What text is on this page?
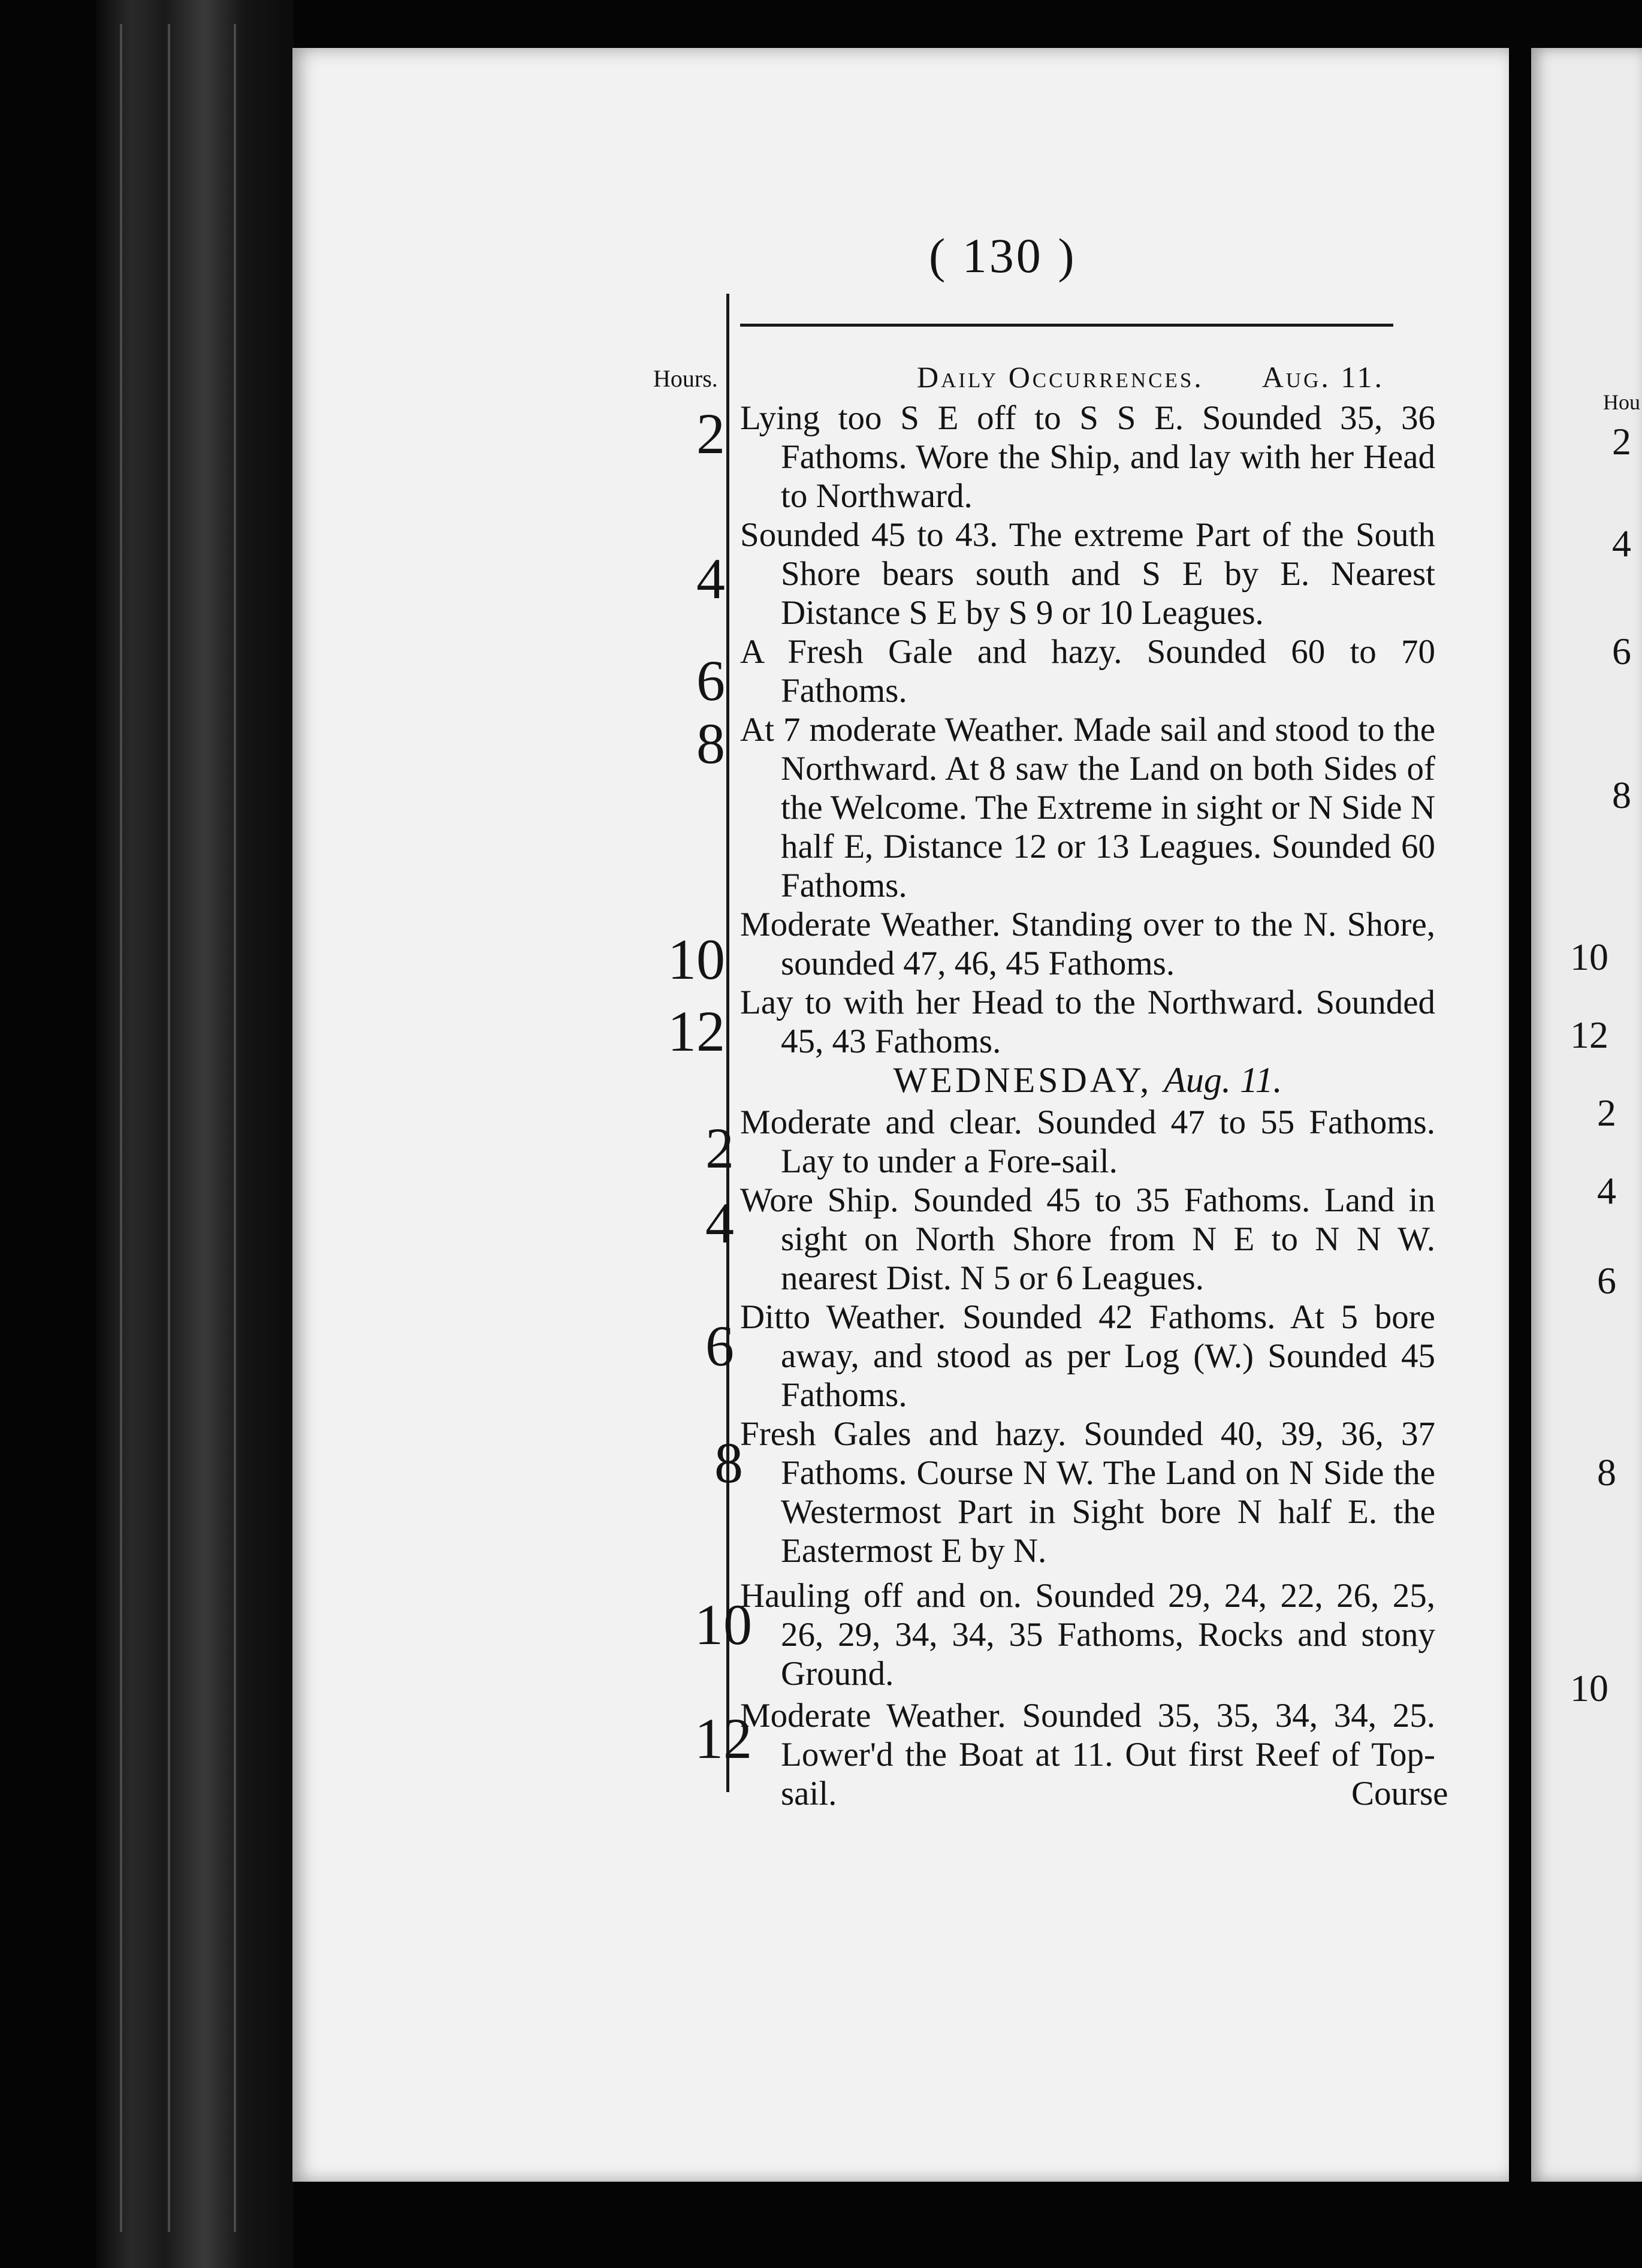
Hou
2
4
6
8
10
12
2
4
6
8
10
( 130 )
Hours.	Daily Occurrences. Aug. 11.
2 Lying too S E off to S S E. Sounded 35, 36 Fathoms. Wore the Ship, and lay with her Head to Northward.
4
Sounded 45 to 43. The extreme Part of the South Shore bears south and S E by E. Nearest Distance S E by S 9 or 10 Leagues.
6 A Fresh Gale and hazy. Sounded 60 to 70 Fathoms.
8 At 7 moderate Weather. Made sail and stood to the Northward. At 8 saw the Land on both Sides of the Welcome. The Extreme in sight or N Side N half E, Distance 12 or 13 Leagues. Sounded 60 Fathoms.
10
Moderate Weather. Standing over to the N. Shore, sounded 47, 46, 45 Fathoms.
12 Lay to with her Head to the Northward. Sounded 45, 43 Fathoms.
WEDNESDAY, Aug. 11.
2 Moderate and clear. Sounded 47 to 55 Fathoms. Lay to under a Fore-sail.
4 Wore Ship. Sounded 45 to 35 Fathoms. Land in sight on North Shore from N E to N N W. nearest Dist. N 5 or 6 Leagues.
6 Ditto Weather. Sounded 42 Fathoms. At 5 bore away, and stood as per Log (W.) Sounded 45 Fathoms.
8
Fresh Gales and hazy. Sounded 40, 39, 36, 37 Fathoms. Course N W. The Land on N Side the Westermost Part in Sight bore N half E. the Eastermost E by N.
10
Hauling off and on. Sounded 29, 24, 22, 26, 25, 26, 29, 34, 34, 35 Fathoms, Rocks and stony Ground.
12
Moderate Weather. Sounded 35, 35, 34, 34, 25. Lower'd the Boat at 11. Out first Reef of Top-sail.	Course
